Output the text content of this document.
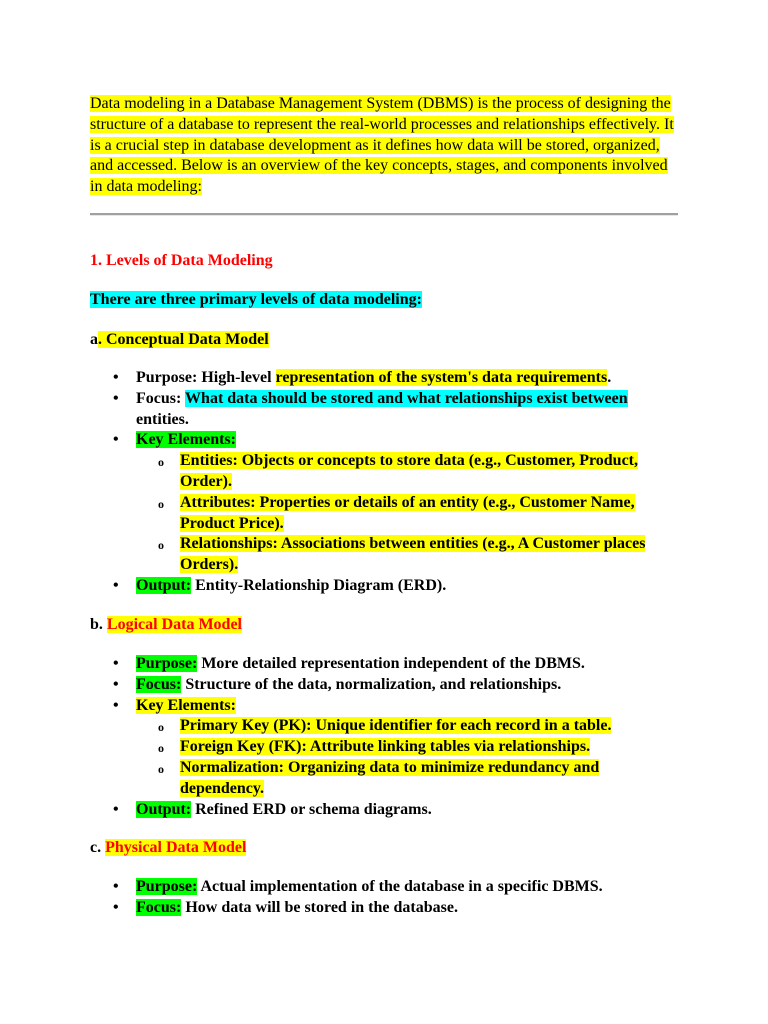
Data modeling in a Database Management System (DBMS) is the process of designing the structure of a database to represent the real-world processes and relationships effectively. It is a crucial step in database development as it defines how data will be stored, organized, and accessed. Below is an overview of the key concepts, stages, and components involved in data modeling:

1. Levels of Data Modeling

There are three primary levels of data modeling:

a. Conceptual Data Model

• Purpose: High-level representation of the system's data requirements.
• Focus: What data should be stored and what relationships exist between
entities.
• Key Elements:
o Entities: Objects or concepts to store data (e.g., Customer, Product, Order).
o Attributes: Properties or details of an entity (e.g., Customer Name, Product Price).
o Relationships: Associations between entities (e.g., A Customer places Orders).
• Output: Entity-Relationship Diagram (ERD).

b. Logical Data Model

• Purpose: More detailed representation independent of the DBMS.
• Focus: Structure of the data, normalization, and relationships.
• Key Elements:
o Primary Key (PK): Unique identifier for each record in a table.
o Foreign Key (FK): Attribute linking tables via relationships.
o Normalization: Organizing data to minimize redundancy and dependency.
• Output: Refined ERD or schema diagrams.

c. Physical Data Model

• Purpose: Actual implementation of the database in a specific DBMS.
• Focus: How data will be stored in the database.
